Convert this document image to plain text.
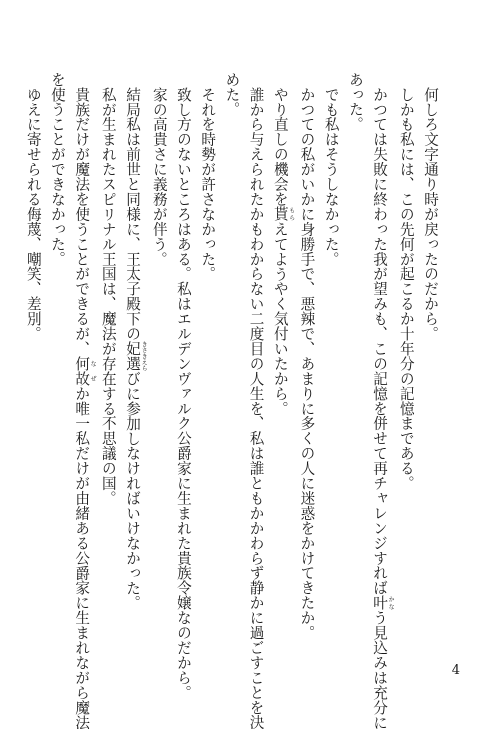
何しろ文字通り時が戻ったのだから。
しかも私には、この先何が起こるか十年分の記憶まである。
かつては失敗に終わった我が望みも、この記憶を併せて再チャレンジすれば叶 かなう見込みは充分に
あった。
でも私はそうしなかった。
かつての私がいかに身勝手で、悪辣で、あまりに多くの人に迷惑をかけてきたか。
やり直しの機会を貰 もらえてようやく気付いたから。
誰から与えられたかもわからない二度目の人生を、私は誰ともかかわらず静かに過ごすことを決
めた。
それを時勢が許さなかった。
致し方のないところはある。私はエルデンヴァルク公爵家に生まれた貴族令嬢なのだから。
家の高貴さに義務が伴う。
結局私は前世と同様に、王太子殿下の妃選 きさきえらびに参加しなければいけなかった。
私が生まれたスピリナル王国は、魔法が存在する不思議の国。
貴族だけが魔法を使うことができるが、何故 なぜか唯一私だけが由緒ある公爵家に生まれながら魔法
を使うことができなかった。
ゆえに寄せられる侮蔑、嘲笑、差別。
4
